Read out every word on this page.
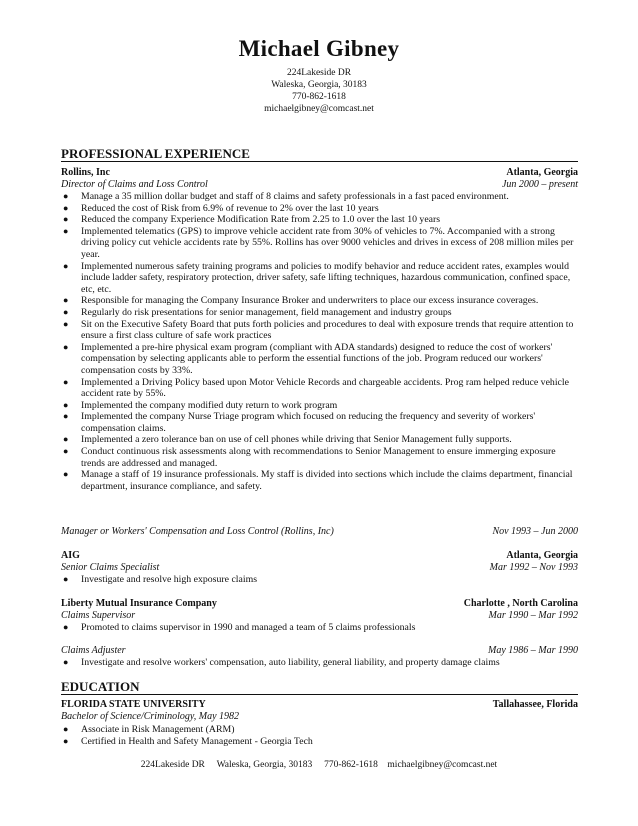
Michael Gibney
224Lakeside DR
Waleska, Georgia, 30183
770-862-1618
michaelgibney@comcast.net
PROFESSIONAL EXPERIENCE
Rollins, Inc	Atlanta, Georgia
Director of Claims and Loss Control	Jun 2000 – present
● Manage a 35 million dollar budget and staff of 8 claims and safety professionals in a fast paced environment.
● Reduced the cost of Risk from 6.9% of revenue to 2% over the last 10 years
● Reduced the company Experience Modification Rate from 2.25 to 1.0 over the last 10 years
● Implemented telematics (GPS) to improve vehicle accident rate from 30% of vehicles to 7%. Accompanied with a strong driving policy cut vehicle accidents rate by 55%. Rollins has over 9000 vehicles and drives in excess of 208 million miles per year.
● Implemented numerous safety training programs and policies to modify behavior and reduce accident rates, examples would include ladder safety, respiratory protection, driver safety, safe lifting techniques, hazardous communication, confined space, etc, etc.
● Responsible for managing the Company Insurance Broker and underwriters to place our excess insurance coverages.
● Regularly do risk presentations for senior management, field management and industry groups
● Sit on the Executive Safety Board that puts forth policies and procedures to deal with exposure trends that require attention to ensure a first class culture of safe work practices
● Implemented a pre-hire physical exam program (compliant with ADA standards) designed to reduce the cost of workers' compensation by selecting applicants able to perform the essential functions of the job. Program reduced our workers' compensation costs by 33%.
● Implemented a Driving Policy based upon Motor Vehicle Records and chargeable accidents. Prog ram helped reduce vehicle accident rate by 55%.
● Implemented the company modified duty return to work program
● Implemented the company Nurse Triage program which focused on reducing the frequency and severity of workers' compensation claims.
● Implemented a zero tolerance ban on use of cell phones while driving that Senior Management fully supports.
● Conduct continuous risk assessments along with recommendations to Senior Management to ensure immerging exposure trends are addressed and managed.
● Manage a staff of 19 insurance professionals. My staff is divided into sections which include the claims department, financial department, insurance compliance, and safety.
Manager or Workers' Compensation and Loss Control (Rollins, Inc)	Nov 1993 – Jun 2000
AIG	Atlanta, Georgia
Senior Claims Specialist	Mar 1992 – Nov 1993
● Investigate and resolve high exposure claims
Liberty Mutual Insurance Company	Charlotte , North Carolina
Claims Supervisor	Mar 1990 – Mar 1992
● Promoted to claims supervisor in 1990 and managed a team of 5 claims professionals
Claims Adjuster	May 1986 – Mar 1990
● Investigate and resolve workers' compensation, auto liability, general liability, and property damage claims
EDUCATION
FLORIDA STATE UNIVERSITY	Tallahassee, Florida
Bachelor of Science/Criminology, May 1982
● Associate in Risk Management (ARM)
● Certified in Health and Safety Management - Georgia Tech
224Lakeside DR     Waleska, Georgia, 30183     770-862-1618    michaelgibney@comcast.net
